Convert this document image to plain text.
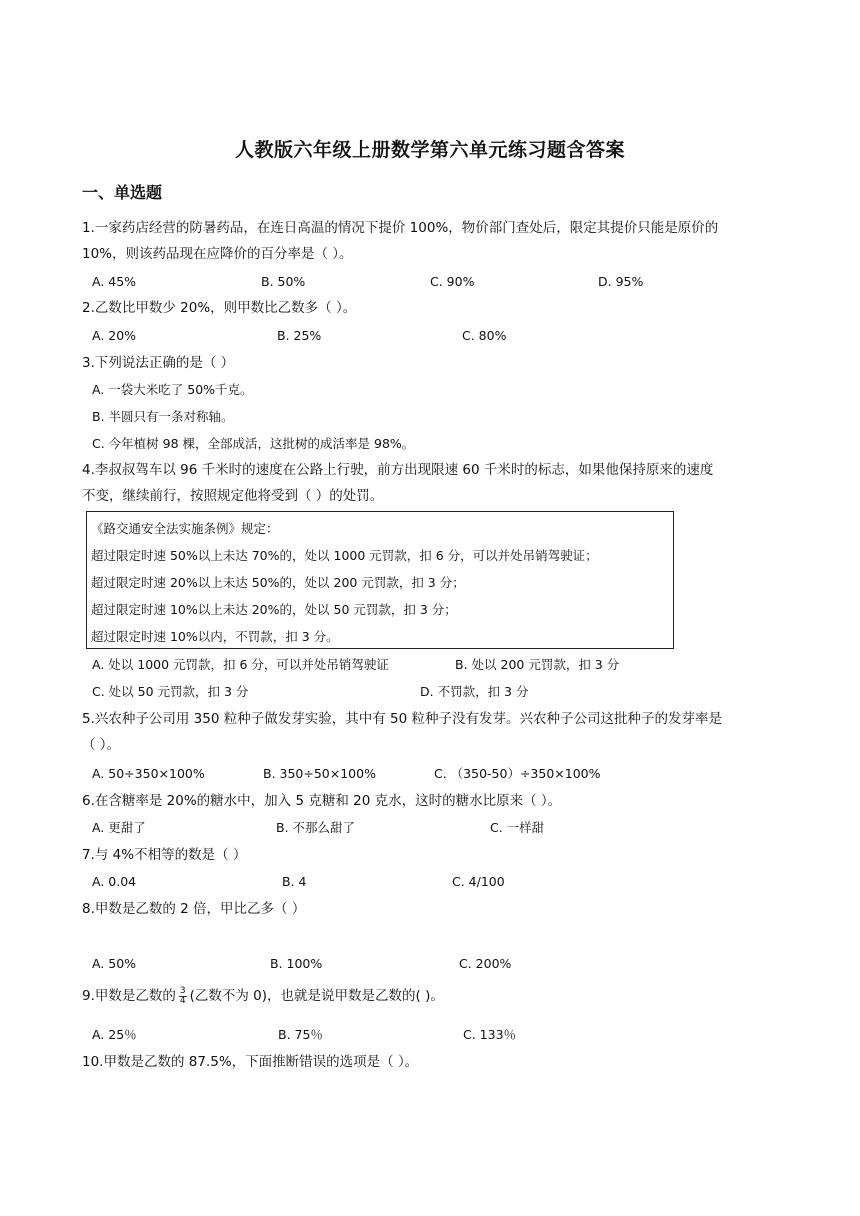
人教版六年级上册数学第六单元练习题含答案
一、单选题
1.一家药店经营的防暑药品，在连日高温的情况下提价 100%，物价部门查处后，限定其提价只能是原价的
10%，则该药品现在应降价的百分率是（ ）。
A. 45%	B. 50%	C. 90%	D. 95%
2.乙数比甲数少 20%，则甲数比乙数多（ ）。
A. 20%	B. 25%	C. 80%
3.下列说法正确的是（ ）
A. 一袋大米吃了 50%千克。
B. 半圆只有一条对称轴。
C. 今年植树 98 棵，全部成活，这批树的成活率是 98%。
4.李叔叔驾车以 96 千米时的速度在公路上行驶，前方出现限速 60 千米时的标志，如果他保持原来的速度
不变，继续前行，按照规定他将受到（ ）的处罚。
《路交通安全法实施条例》规定：
超过限定时速 50%以上未达 70%的，处以 1000 元罚款，扣 6 分，可以并处吊销驾驶证；
超过限定时速 20%以上未达 50%的，处以 200 元罚款，扣 3 分；
超过限定时速 10%以上未达 20%的，处以 50 元罚款，扣 3 分；
超过限定时速 10%以内，不罚款，扣 3 分。
A. 处以 1000 元罚款，扣 6 分，可以并处吊销驾驶证	B. 处以 200 元罚款，扣 3 分
C. 处以 50 元罚款，扣 3 分	D. 不罚款，扣 3 分
5.兴农种子公司用 350 粒种子做发芽实验，其中有 50 粒种子没有发芽。兴农种子公司这批种子的发芽率是
（ ）。
A. 50÷350×100%	B. 350÷50×100%	C. （350-50）÷350×100%
6.在含糖率是 20%的糖水中，加入 5 克糖和 20 克水，这时的糖水比原来（ ）。
A. 更甜了	B. 不那么甜了	C. 一样甜
7.与 4%不相等的数是（ ）
A. 0.04	B. 4	C. 4/100
8.甲数是乙数的 2 倍，甲比乙多（ ）
A. 50%	B. 100%	C. 200%
9.甲数是乙数的 $\frac{3}{4}$ (乙数不为 0)，也就是说甲数是乙数的( )。
A. 25％	B. 75％	C. 133％
10.甲数是乙数的 87.5%，下面推断错误的选项是（ ）。
